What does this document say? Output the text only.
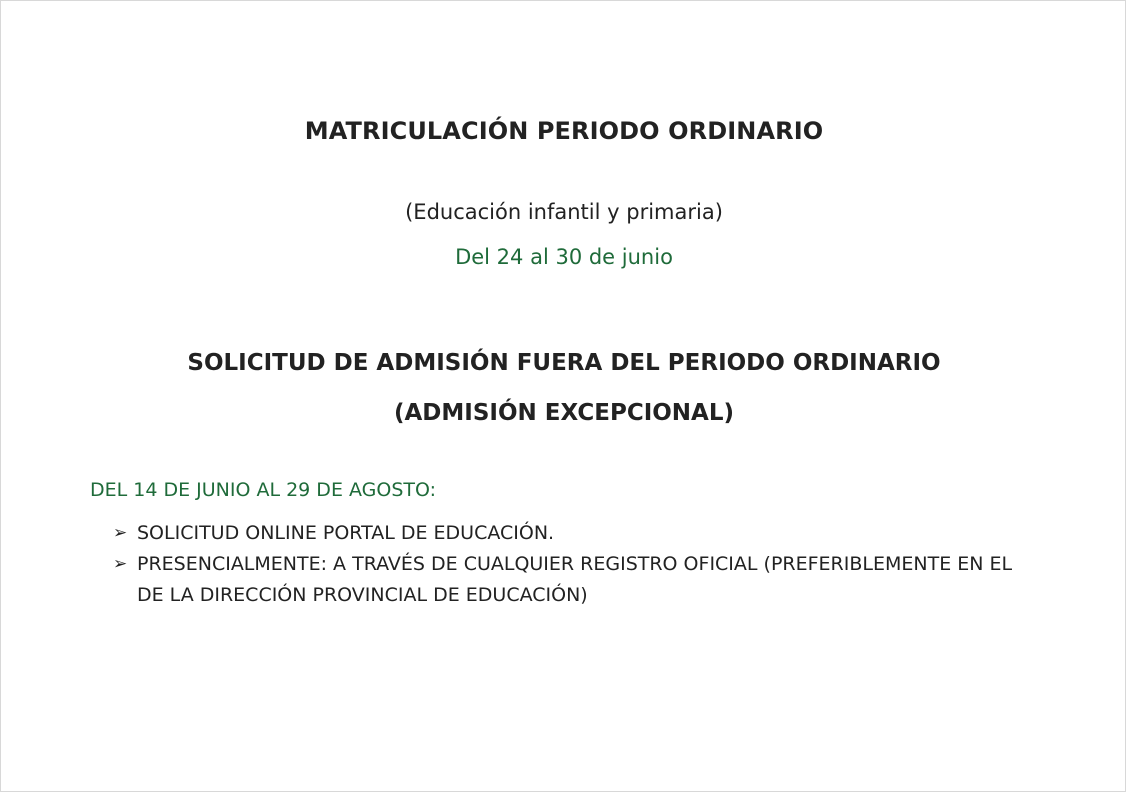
MATRICULACIÓN PERIODO ORDINARIO
(Educación infantil y primaria)
Del 24 al 30 de junio
SOLICITUD DE ADMISIÓN FUERA DEL PERIODO ORDINARIO
(ADMISIÓN EXCEPCIONAL)
DEL 14 DE JUNIO AL 29 DE AGOSTO:
➢ SOLICITUD ONLINE PORTAL DE EDUCACIÓN.
➢ PRESENCIALMENTE: A TRAVÉS DE CUALQUIER REGISTRO OFICIAL (PREFERIBLEMENTE EN EL DE LA DIRECCIÓN PROVINCIAL DE EDUCACIÓN)
